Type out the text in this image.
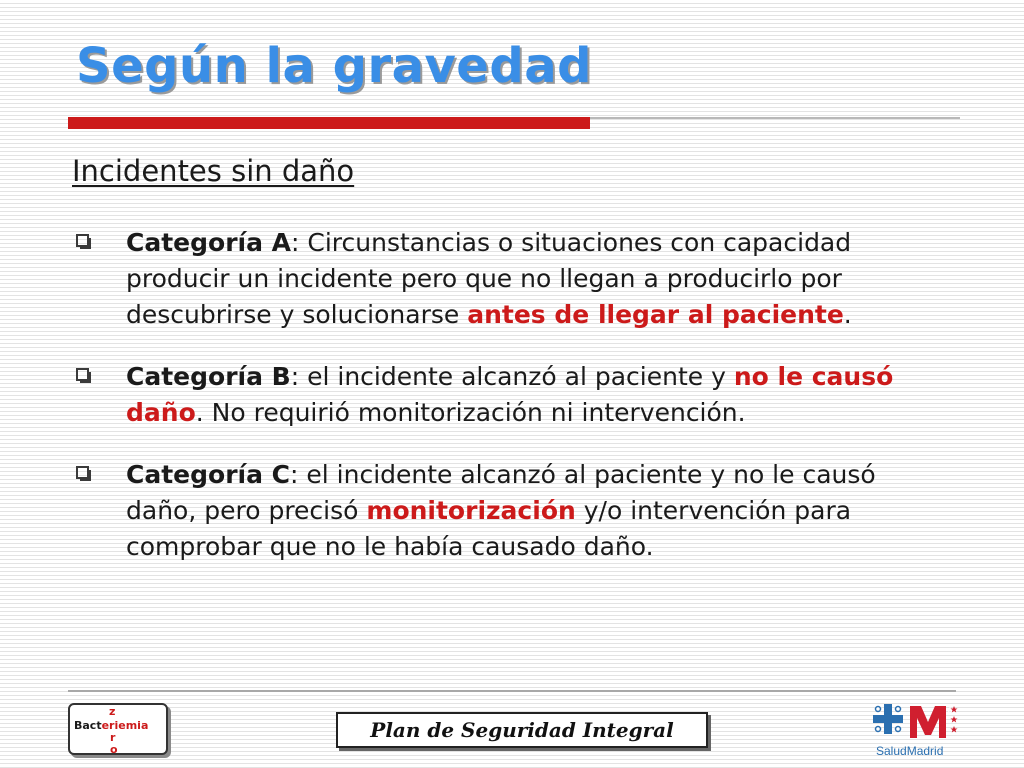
Según la gravedad
Incidentes sin daño
Categoría A: Circunstancias o situaciones con capacidad producir un incidente pero que no llegan a producirlo por descubrirse y solucionarse antes de llegar al paciente.
Categoría B: el incidente alcanzó al paciente y no le causó daño. No requirió monitorización ni intervención.
Categoría C: el incidente alcanzó al paciente y no le causó daño, pero precisó monitorización y/o intervención para comprobar que no le había causado daño.
z
Bacteriemia
r
o
Plan de Seguridad Integral
SaludMadrid
